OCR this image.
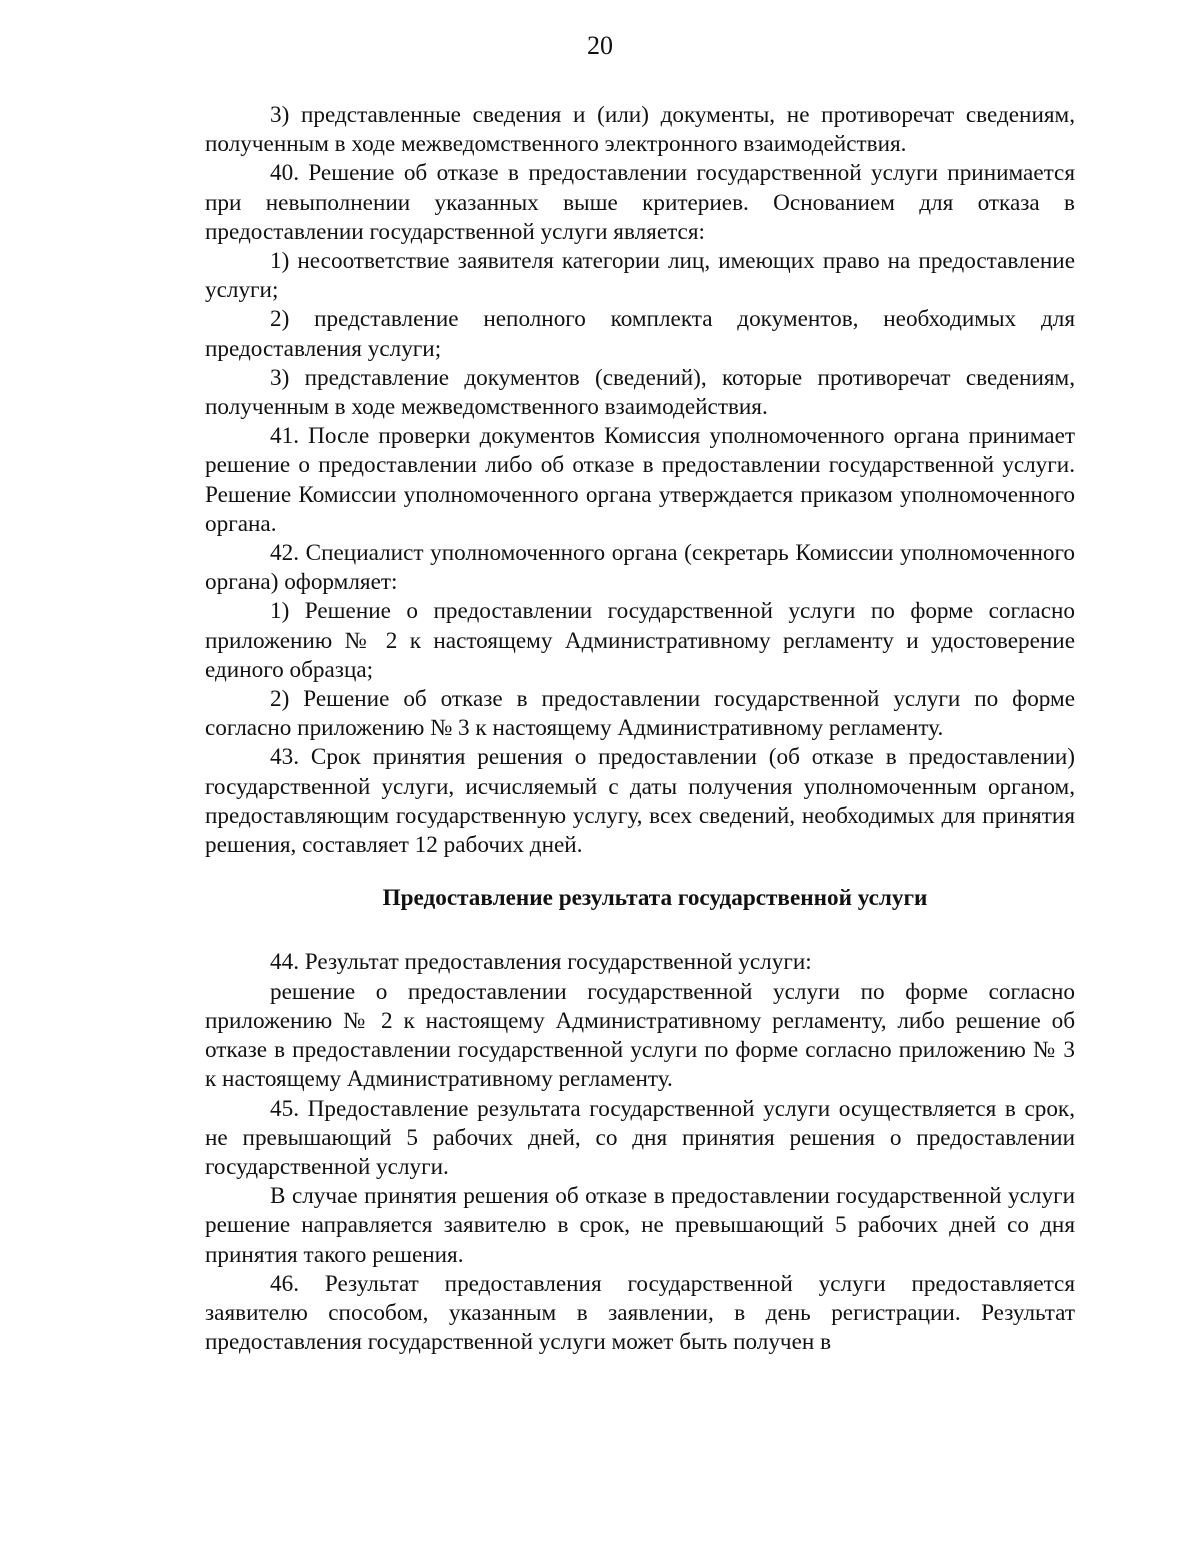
20

3) представленные сведения и (или) документы, не противоречат сведениям, полученным в ходе межведомственного электронного взаимодействия.

40. Решение об отказе в предоставлении государственной услуги принимается при невыполнении указанных выше критериев. Основанием для отказа в предоставлении государственной услуги является:

1) несоответствие заявителя категории лиц, имеющих право на предоставление услуги;

2) представление неполного комплекта документов, необходимых для предоставления услуги;

3) представление документов (сведений), которые противоречат сведениям, полученным в ходе межведомственного взаимодействия.

41. После проверки документов Комиссия уполномоченного органа принимает решение о предоставлении либо об отказе в предоставлении государственной услуги. Решение Комиссии уполномоченного органа утверждается приказом уполномоченного органа.

42. Специалист уполномоченного органа (секретарь Комиссии уполномоченного органа) оформляет:

1) Решение о предоставлении государственной услуги по форме согласно приложению № 2 к настоящему Административному регламенту и удостоверение единого образца;

2) Решение об отказе в предоставлении государственной услуги по форме согласно приложению № 3 к настоящему Административному регламенту.

43. Срок принятия решения о предоставлении (об отказе в предоставлении) государственной услуги, исчисляемый с даты получения уполномоченным органом, предоставляющим государственную услугу, всех сведений, необходимых для принятия решения, составляет 12 рабочих дней.

Предоставление результата государственной услуги

44. Результат предоставления государственной услуги:

решение о предоставлении государственной услуги по форме согласно приложению № 2 к настоящему Административному регламенту, либо решение об отказе в предоставлении государственной услуги по форме согласно приложению № 3 к настоящему Административному регламенту.

45. Предоставление результата государственной услуги осуществляется в срок, не превышающий 5 рабочих дней, со дня принятия решения о предоставлении государственной услуги.

В случае принятия решения об отказе в предоставлении государственной услуги решение направляется заявителю в срок, не превышающий 5 рабочих дней со дня принятия такого решения.

46. Результат предоставления государственной услуги предоставляется заявителю способом, указанным в заявлении, в день регистрации. Результат предоставления государственной услуги может быть получен в
